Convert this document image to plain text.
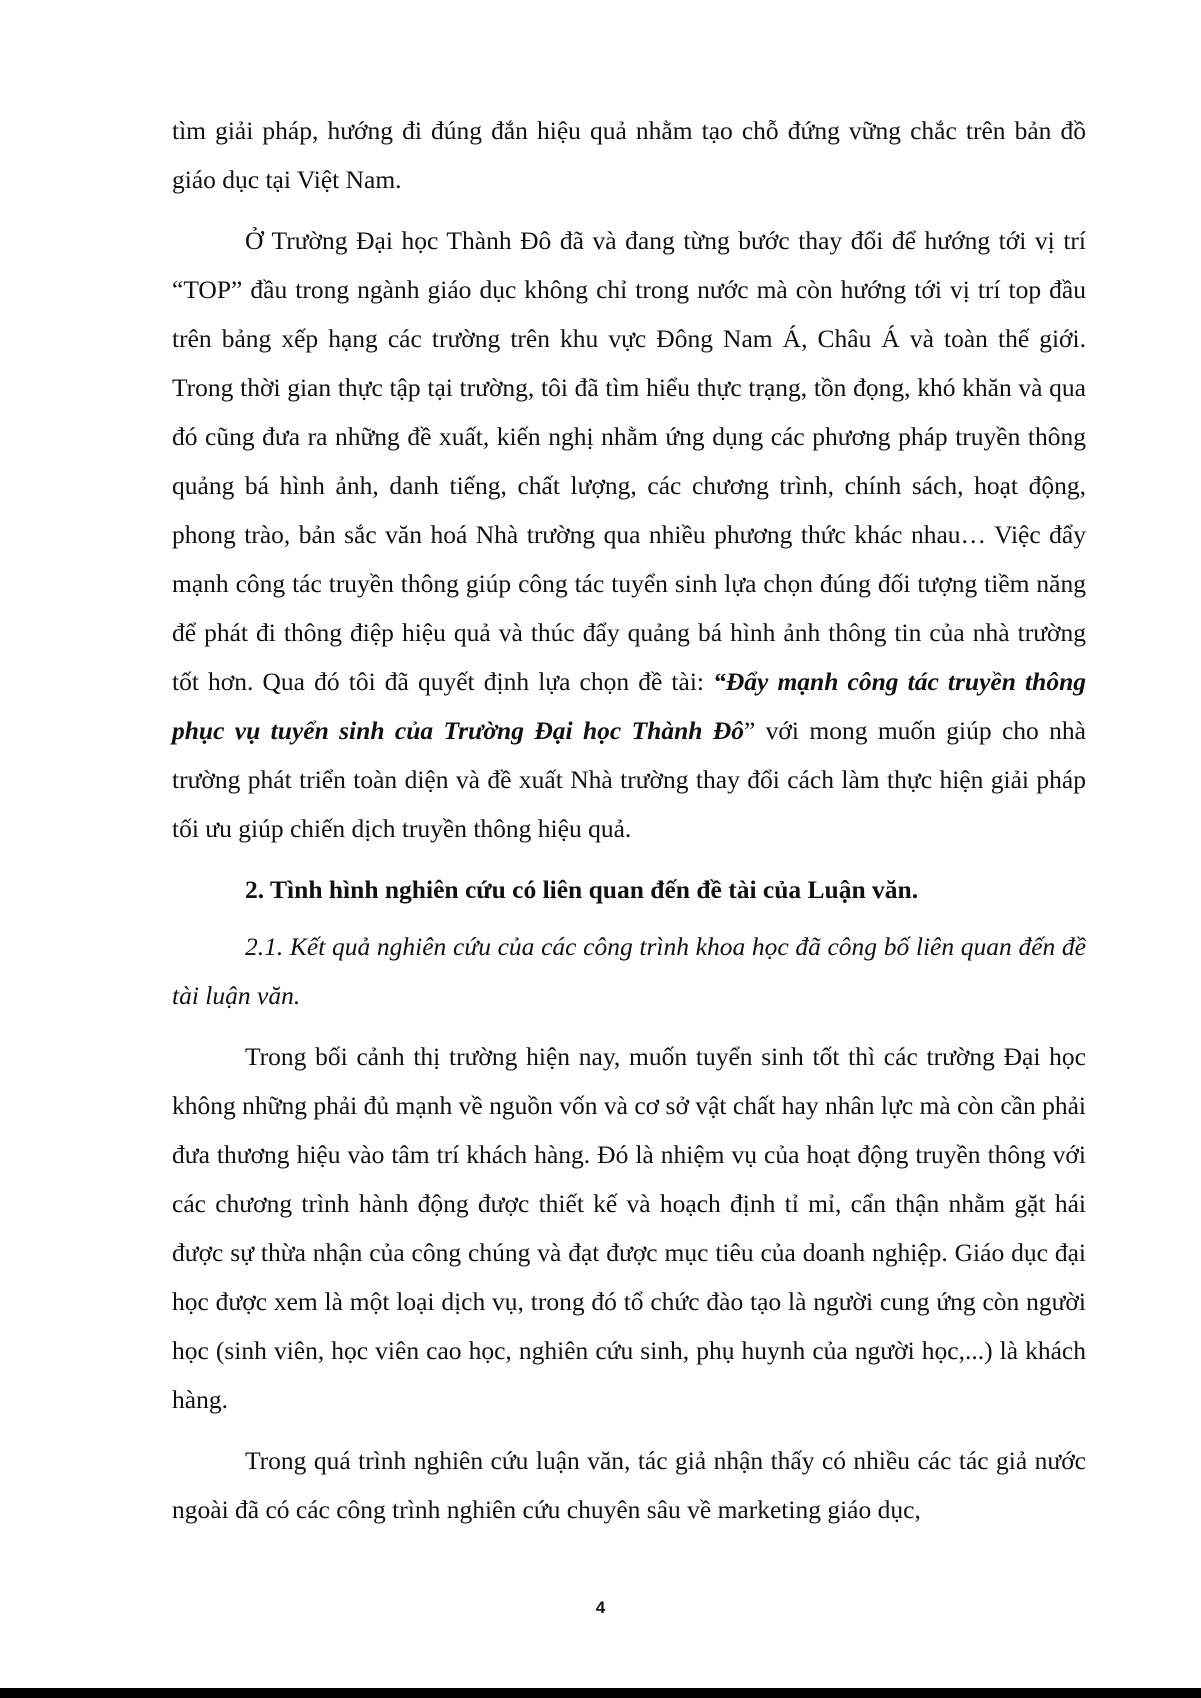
tìm giải pháp, hướng đi đúng đắn hiệu quả nhằm tạo chỗ đứng vững chắc trên bản đồ giáo dục tại Việt Nam.

Ở Trường Đại học Thành Đô đã và đang từng bước thay đổi để hướng tới vị trí “TOP” đầu trong ngành giáo dục không chỉ trong nước mà còn hướng tới vị trí top đầu trên bảng xếp hạng các trường trên khu vực Đông Nam Á, Châu Á và toàn thế giới. Trong thời gian thực tập tại trường, tôi đã tìm hiểu thực trạng, tồn đọng, khó khăn và qua đó cũng đưa ra những đề xuất, kiến nghị nhằm ứng dụng các phương pháp truyền thông quảng bá hình ảnh, danh tiếng, chất lượng, các chương trình, chính sách, hoạt động, phong trào, bản sắc văn hoá Nhà trường qua nhiều phương thức khác nhau… Việc đẩy mạnh công tác truyền thông giúp công tác tuyển sinh lựa chọn đúng đối tượng tiềm năng để phát đi thông điệp hiệu quả và thúc đẩy quảng bá hình ảnh thông tin của nhà trường tốt hơn. Qua đó tôi đã quyết định lựa chọn đề tài: “Đẩy mạnh công tác truyền thông phục vụ tuyển sinh của Trường Đại học Thành Đô” với mong muốn giúp cho nhà trường phát triển toàn diện và đề xuất Nhà trường thay đổi cách làm thực hiện giải pháp tối ưu giúp chiến dịch truyền thông hiệu quả.

2. Tình hình nghiên cứu có liên quan đến đề tài của Luận văn.

2.1. Kết quả nghiên cứu của các công trình khoa học đã công bố liên quan đến đề tài luận văn.

Trong bối cảnh thị trường hiện nay, muốn tuyển sinh tốt thì các trường Đại học không những phải đủ mạnh về nguồn vốn và cơ sở vật chất hay nhân lực mà còn cần phải đưa thương hiệu vào tâm trí khách hàng. Đó là nhiệm vụ của hoạt động truyền thông với các chương trình hành động được thiết kế và hoạch định tỉ mỉ, cẩn thận nhằm gặt hái được sự thừa nhận của công chúng và đạt được mục tiêu của doanh nghiệp. Giáo dục đại học được xem là một loại dịch vụ, trong đó tổ chức đào tạo là người cung ứng còn người học (sinh viên, học viên cao học, nghiên cứu sinh, phụ huynh của người học,...) là khách hàng.

Trong quá trình nghiên cứu luận văn, tác giả nhận thấy có nhiều các tác giả nước ngoài đã có các công trình nghiên cứu chuyên sâu về marketing giáo dục,

4
